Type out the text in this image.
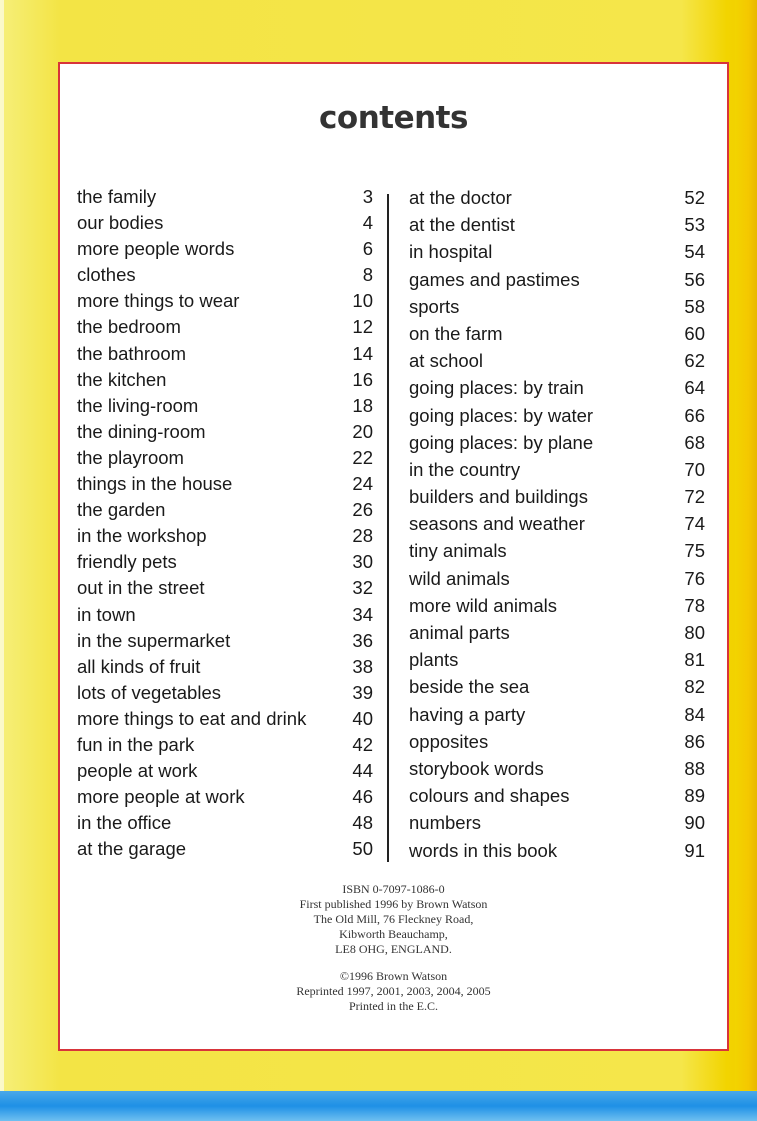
contents
the family	3
our bodies	4
more people words	6
clothes	8
more things to wear	10
the bedroom	12
the bathroom	14
the kitchen	16
the living-room	18
the dining-room	20
the playroom	22
things in the house	24
the garden	26
in the workshop	28
friendly pets	30
out in the street	32
in town	34
in the supermarket	36
all kinds of fruit	38
lots of vegetables	39
more things to eat and drink 40
fun in the park	42
people at work	44
more people at work	46
in the office	48
at the garage	50
at the doctor	52
at the dentist	53
in hospital	54
games and pastimes	56
sports	58
on the farm	60
at school	62
going places: by train	64
going places: by water	66
going places: by plane	68
in the country	70
builders and buildings	72
seasons and weather	74
tiny animals	75
wild animals	76
more wild animals	78
animal parts	80
plants	81
beside the sea	82
having a party	84
opposites	86
storybook words	88
colours and shapes	89
numbers	90
words in this book	91
ISBN 0-7097-1086-0
First published 1996 by Brown Watson
The Old Mill, 76 Fleckney Road,
Kibworth Beauchamp,
LE8 OHG, ENGLAND.
©1996 Brown Watson
Reprinted 1997, 2001, 2003, 2004, 2005
Printed in the E.C.
